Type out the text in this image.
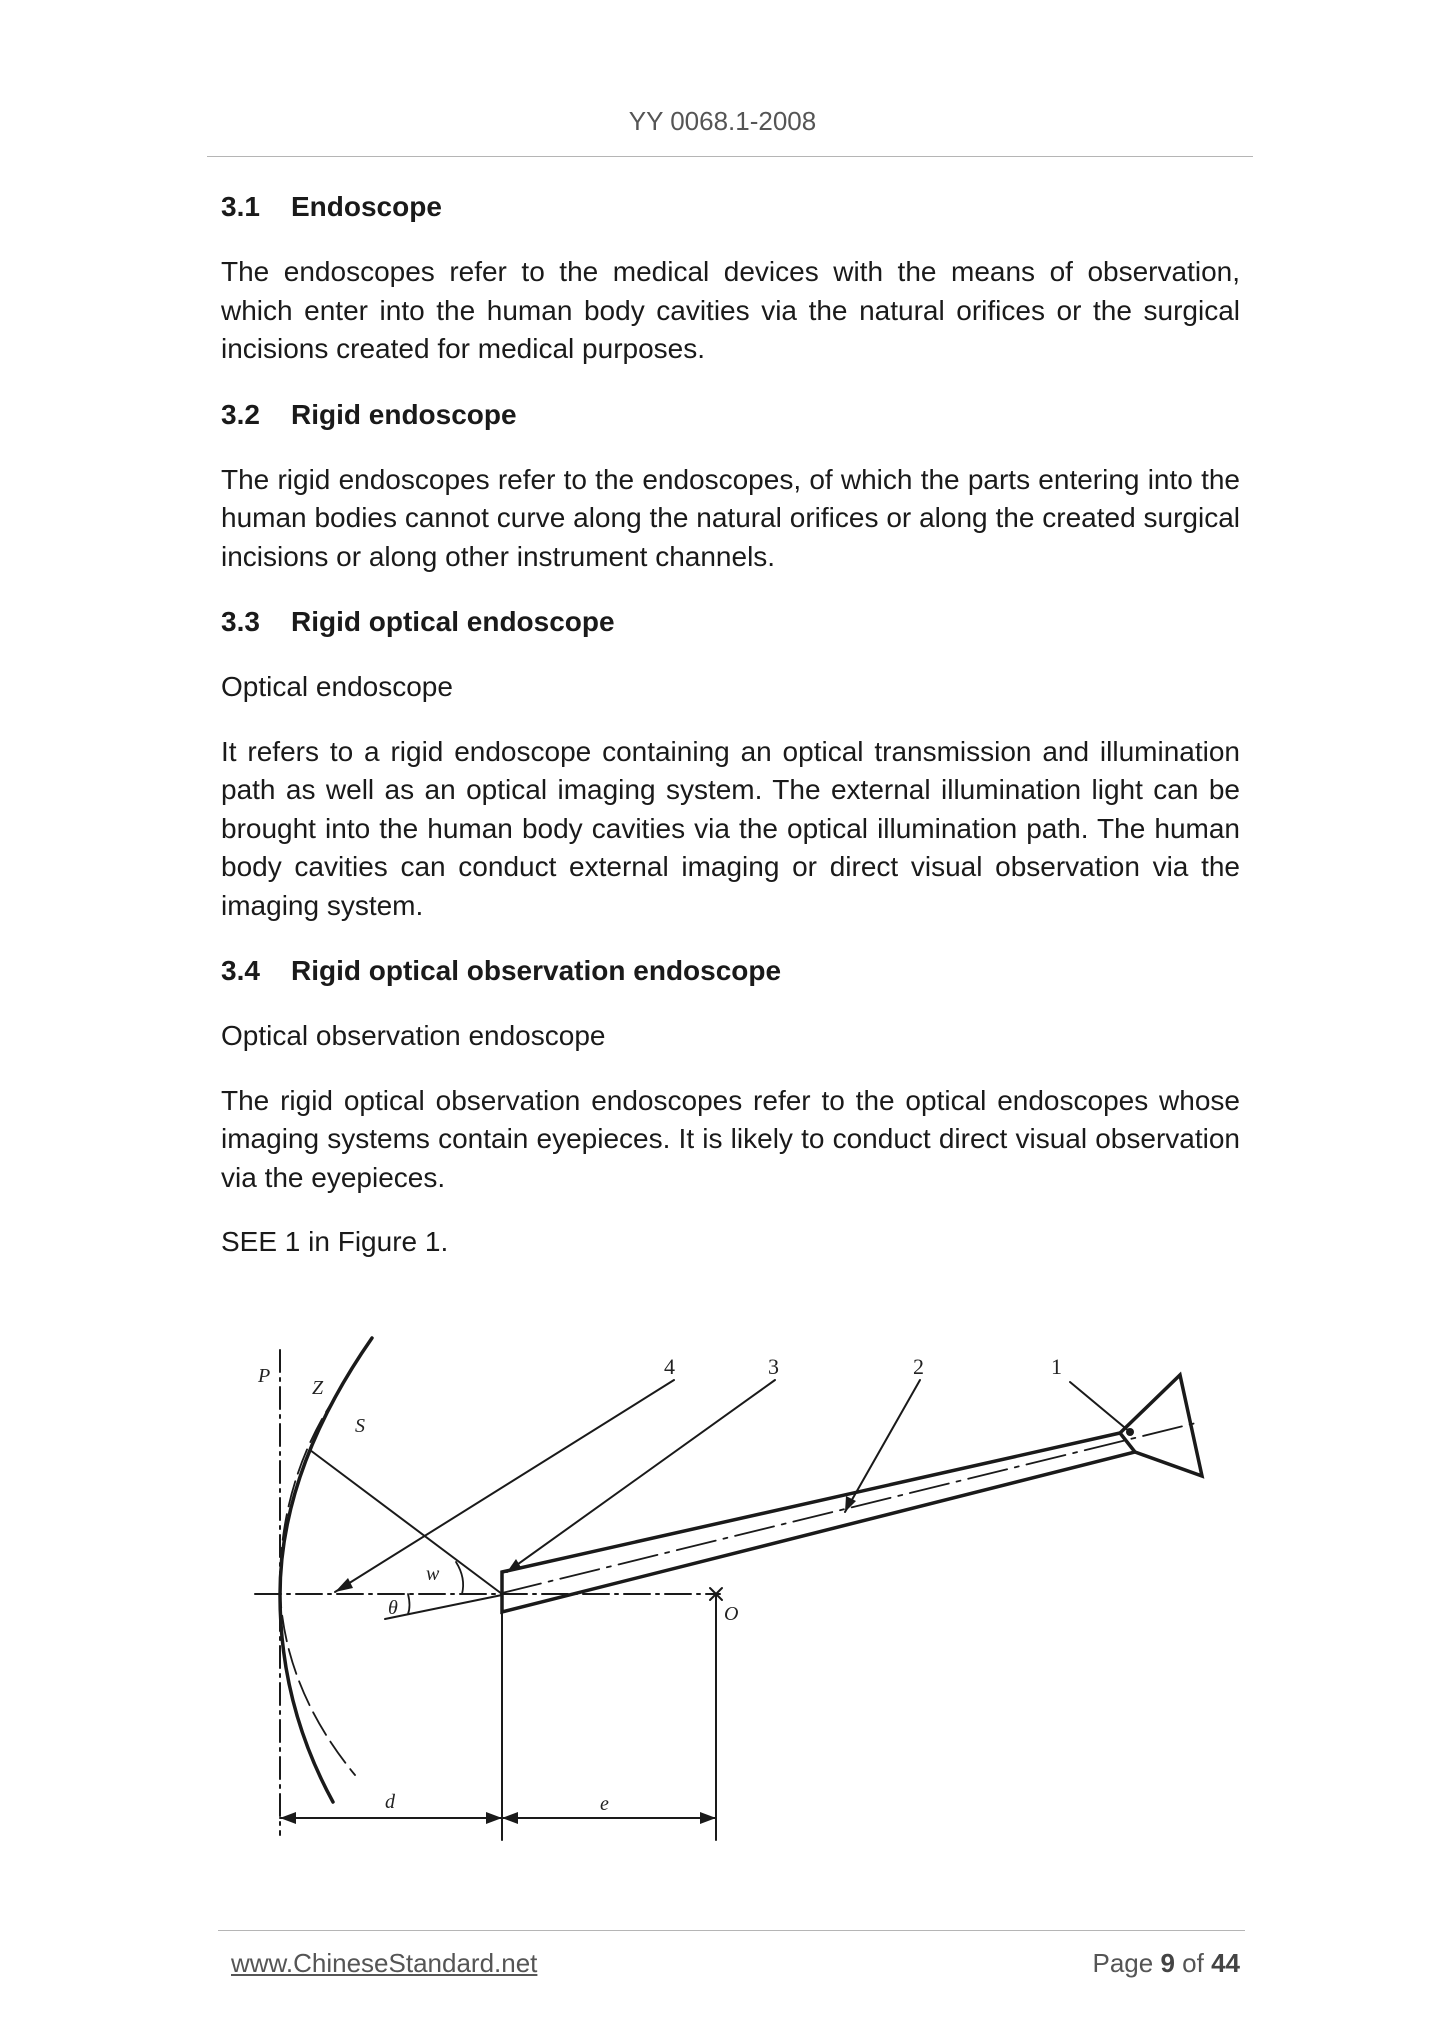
YY 0068.1-2008
3.1 Endoscope

The endoscopes refer to the medical devices with the means of observation, which enter into the human body cavities via the natural orifices or the surgical incisions created for medical purposes.

3.2 Rigid endoscope

The rigid endoscopes refer to the endoscopes, of which the parts entering into the human bodies cannot curve along the natural orifices or along the created surgical incisions or along other instrument channels.

3.3 Rigid optical endoscope

Optical endoscope

It refers to a rigid endoscope containing an optical transmission and illumination path as well as an optical imaging system. The external illumination light can be brought into the human body cavities via the optical illumination path. The human body cavities can conduct external imaging or direct visual observation via the imaging system.

3.4 Rigid optical observation endoscope

Optical observation endoscope

The rigid optical observation endoscopes refer to the optical endoscopes whose imaging systems contain eyepieces. It is likely to conduct direct visual observation via the eyepieces.

SEE 1 in Figure 1.

P
Z
S
w
θ	O
d	e
4	3	2	1
www.ChineseStandard.net	Page 9 of 44
